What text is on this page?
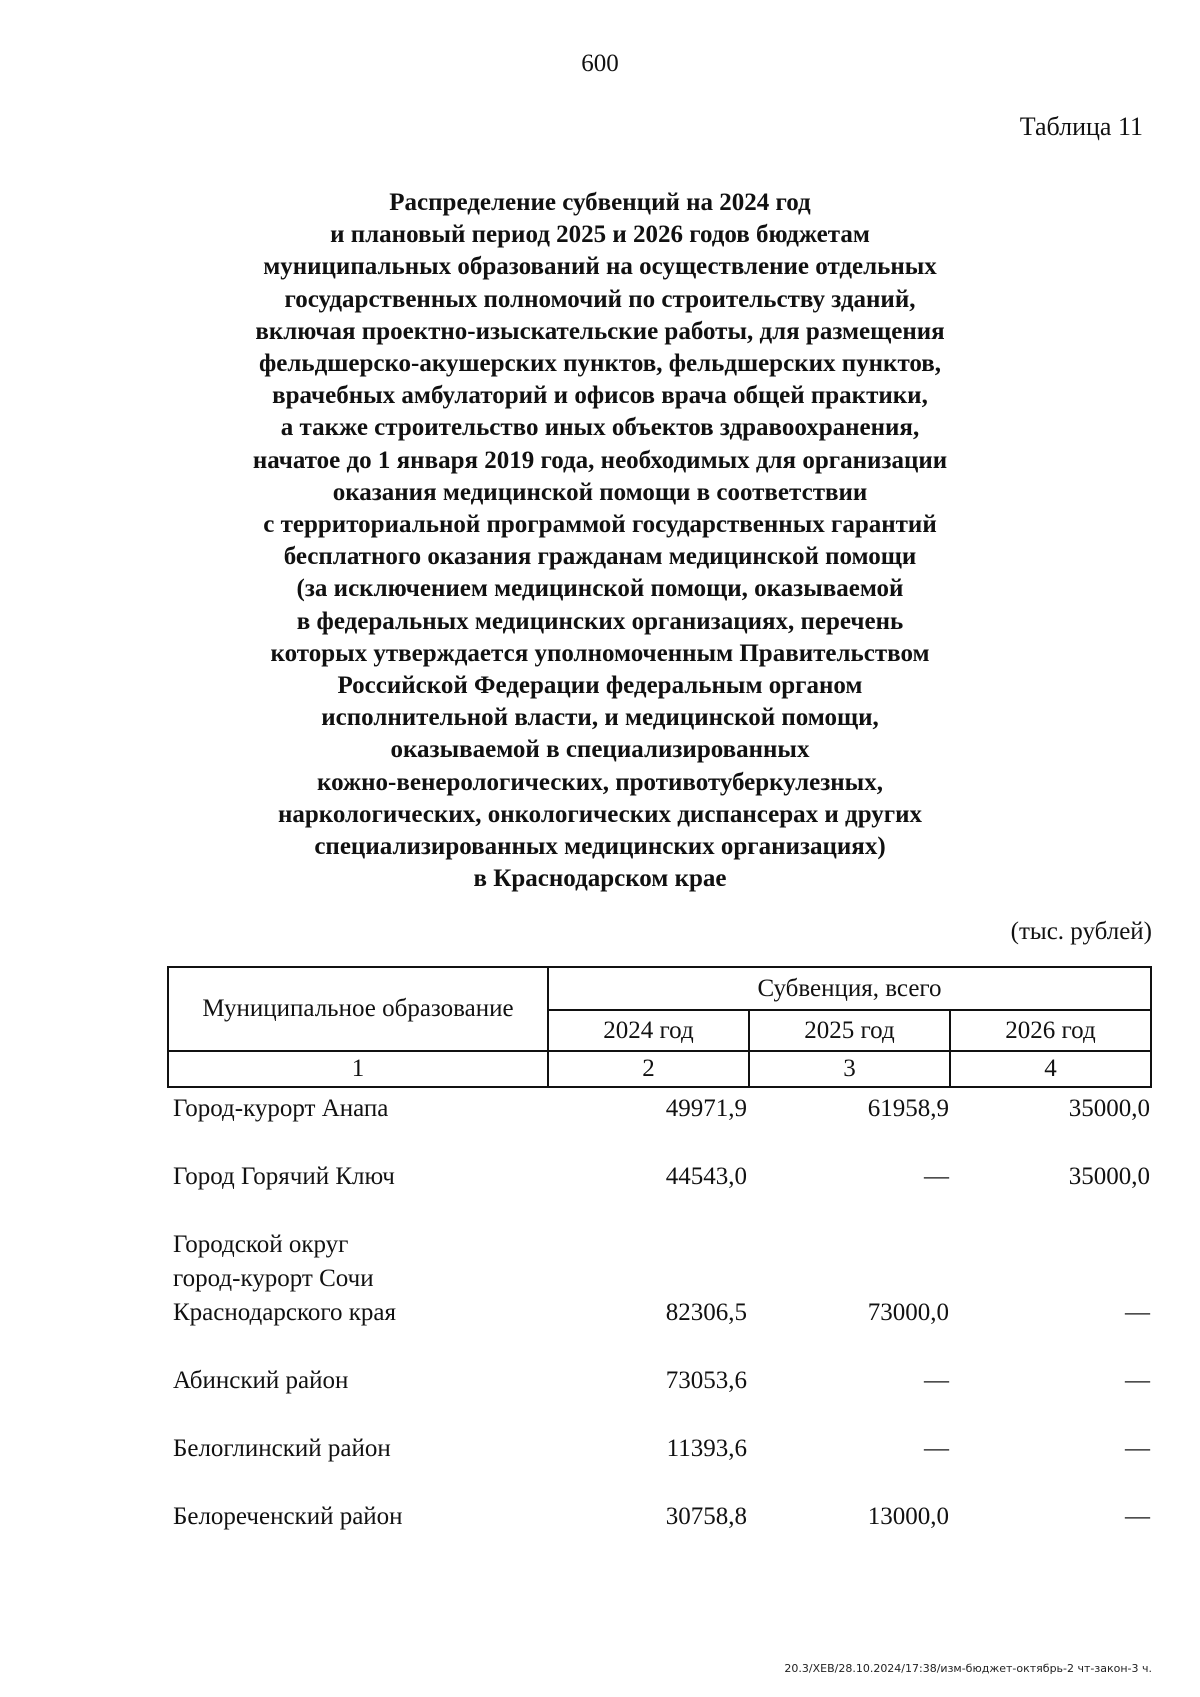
600
Таблица 11
Распределение субвенций на 2024 год
и плановый период 2025 и 2026 годов бюджетам
муниципальных образований на осуществление отдельных
государственных полномочий по строительству зданий,
включая проектно-изыскательские работы, для размещения
фельдшерско-акушерских пунктов, фельдшерских пунктов,
врачебных амбулаторий и офисов врача общей практики,
а также строительство иных объектов здравоохранения,
начатое до 1 января 2019 года, необходимых для организации
оказания медицинской помощи в соответствии
с территориальной программой государственных гарантий
бесплатного оказания гражданам медицинской помощи
(за исключением медицинской помощи, оказываемой
в федеральных медицинских организациях, перечень
которых утверждается уполномоченным Правительством
Российской Федерации федеральным органом
исполнительной власти, и медицинской помощи,
оказываемой в специализированных
кожно-венерологических, противотуберкулезных,
наркологических, онкологических диспансерах и других
специализированных медицинских организациях)
в Краснодарском крае
(тыс. рублей)
Муниципальное образование	Субвенция, всего		
	2024 год	2025 год	2026 год
1	2	3	4
Город-курорт Анапа	49971,9	61958,9	35000,0
Город Горячий Ключ	44543,0	—	35000,0
Городской округ
город-курорт Сочи
Краснодарского края	82306,5	73000,0	—
Абинский район	73053,6	—	—
Белоглинский район	11393,6	—	—
Белореченский район	30758,8	13000,0	—
20.3/ХЕВ/28.10.2024/17:38/изм-бюджет-октябрь-2 чт-закон-3 ч.
